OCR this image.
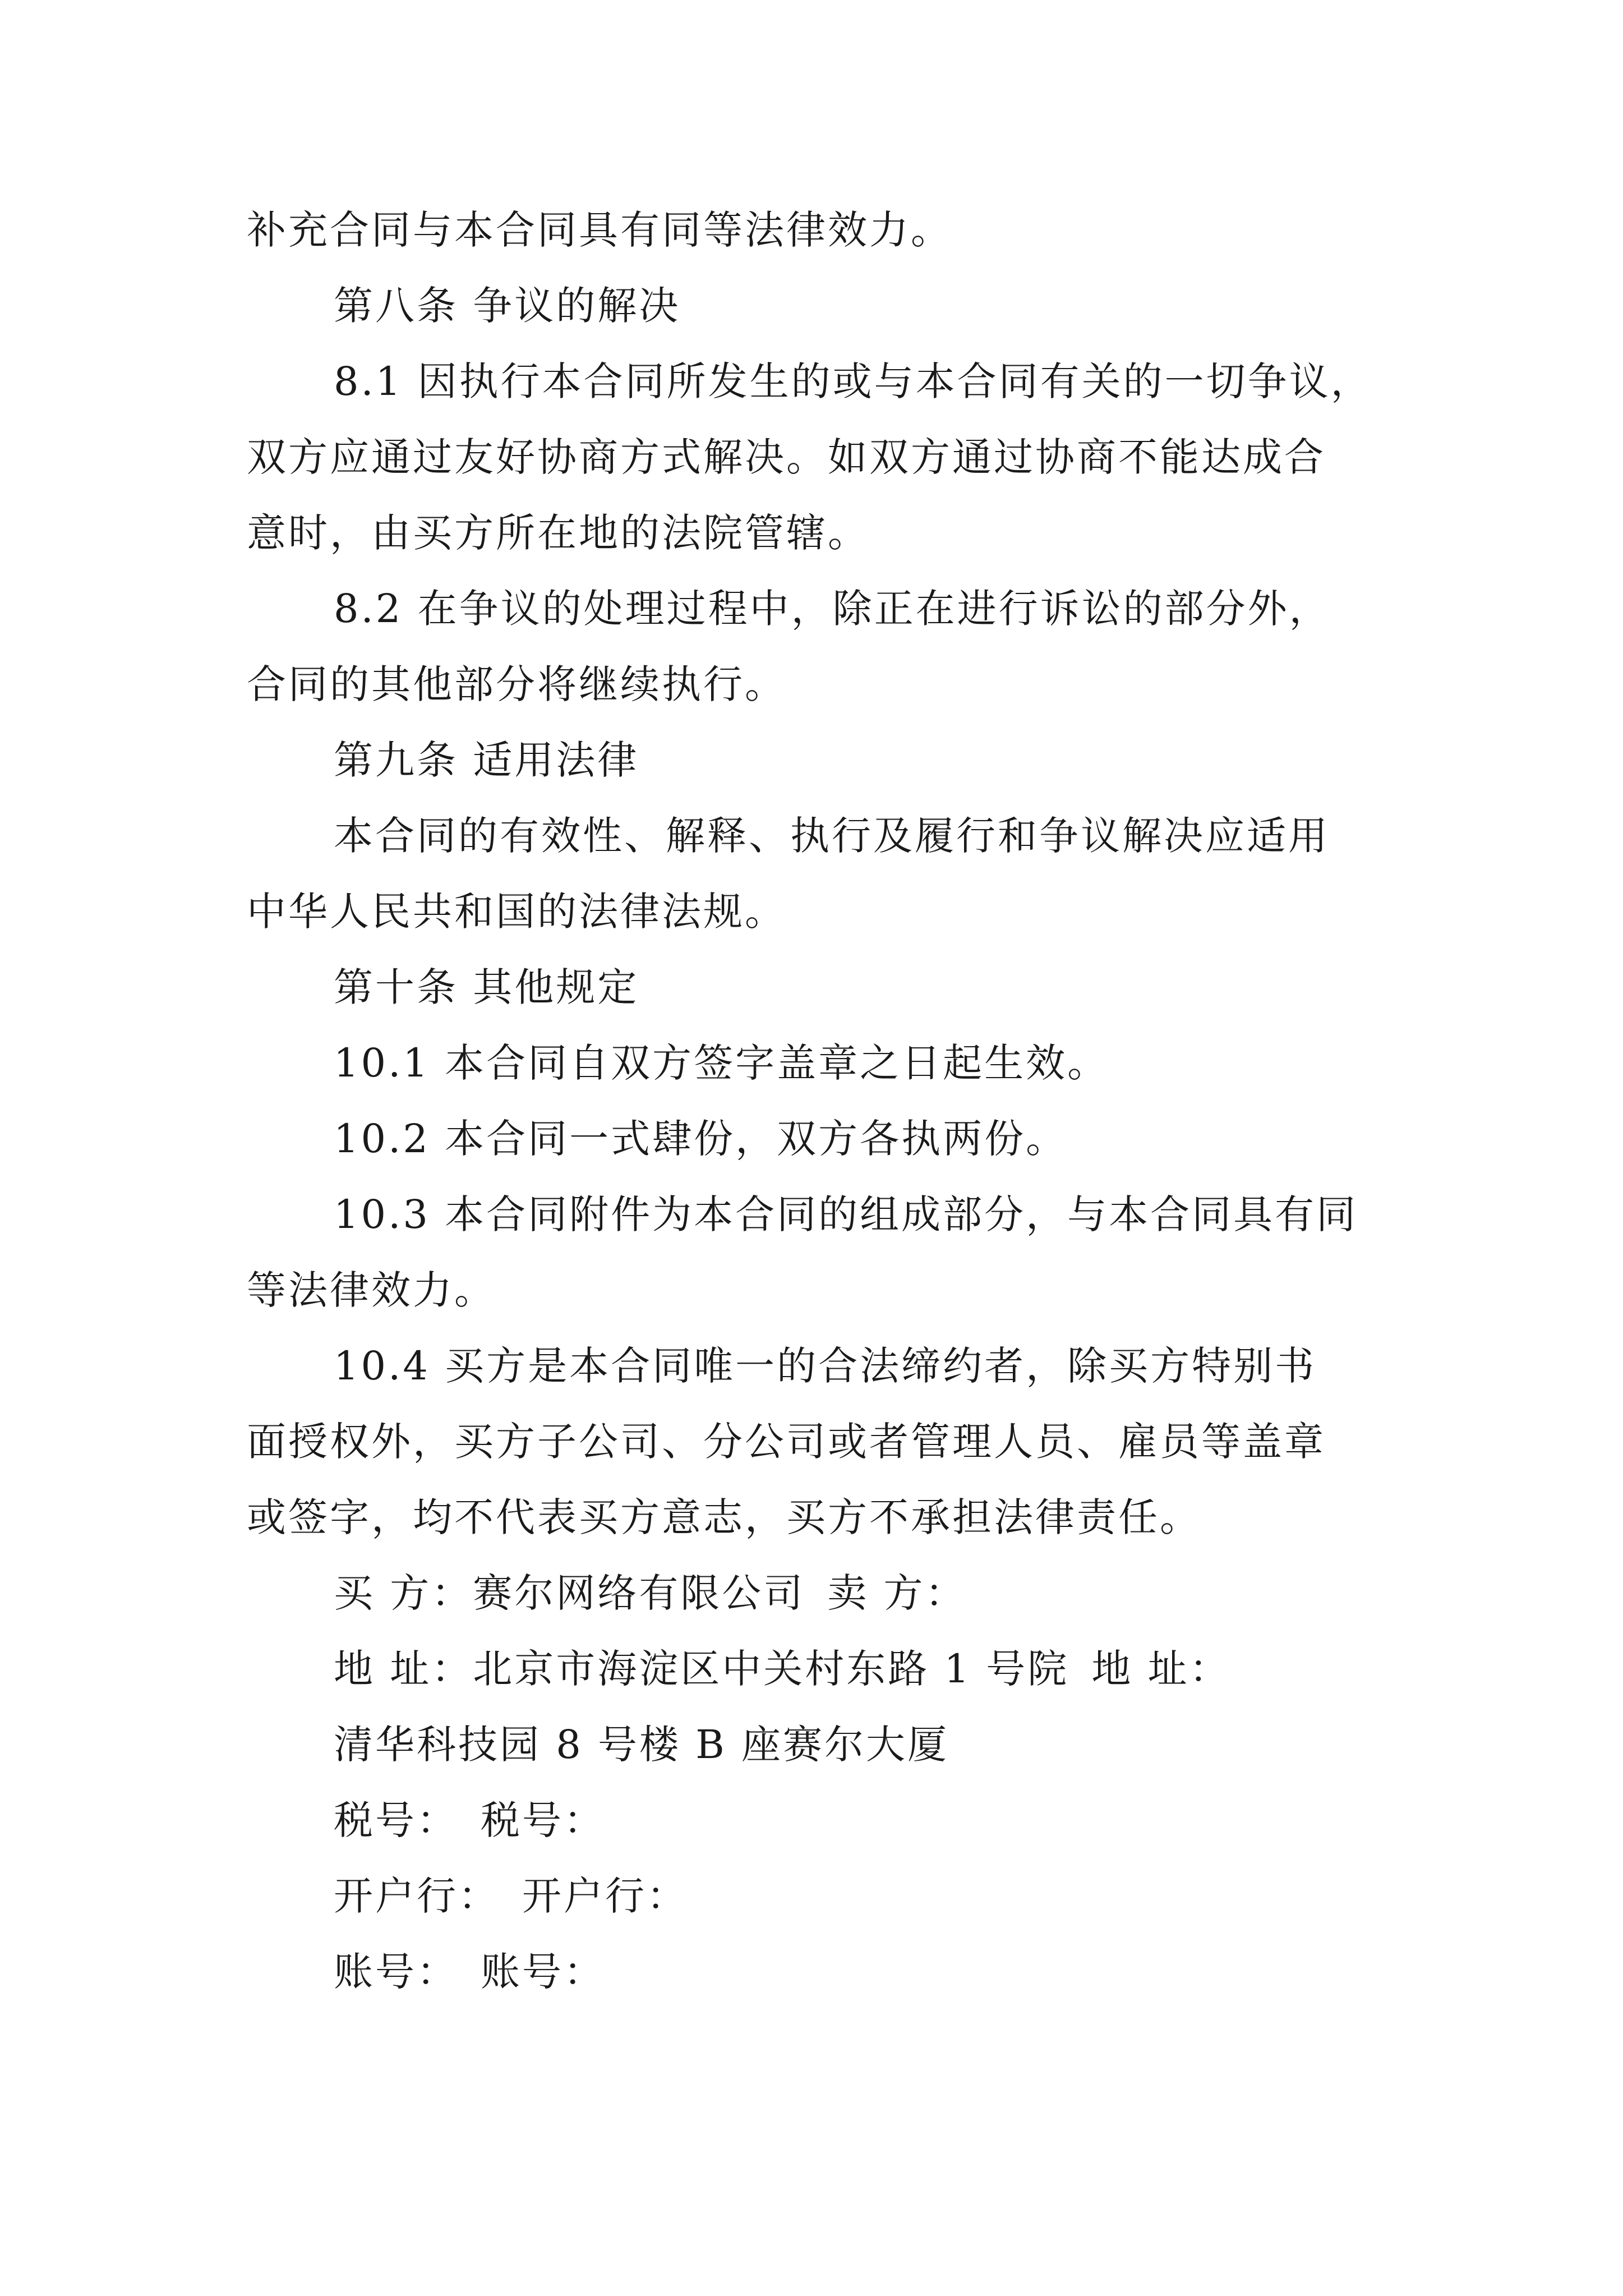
补充合同与本合同具有同等法律效力。

第八条 争议的解决

8.1 因执行本合同所发生的或与本合同有关的一切争议，
双方应通过友好协商方式解决。如双方通过协商不能达成合
意时，由买方所在地的法院管辖。

8.2 在争议的处理过程中，除正在进行诉讼的部分外，
合同的其他部分将继续执行。

第九条 适用法律

本合同的有效性、解释、执行及履行和争议解决应适用
中华人民共和国的法律法规。

第十条 其他规定

10.1 本合同自双方签字盖章之日起生效。

10.2 本合同一式肆份，双方各执两份。

10.3 本合同附件为本合同的组成部分，与本合同具有同
等法律效力。

10.4 买方是本合同唯一的合法缔约者，除买方特别书
面授权外，买方子公司、分公司或者管理人员、雇员等盖章
或签字，均不代表买方意志，买方不承担法律责任。

买 方：赛尔网络有限公司 卖 方：
地 址：北京市海淀区中关村东路 1 号院 地 址：
清华科技园 8 号楼 B 座赛尔大厦
税号： 税号：
开户行： 开户行：
账号： 账号：
